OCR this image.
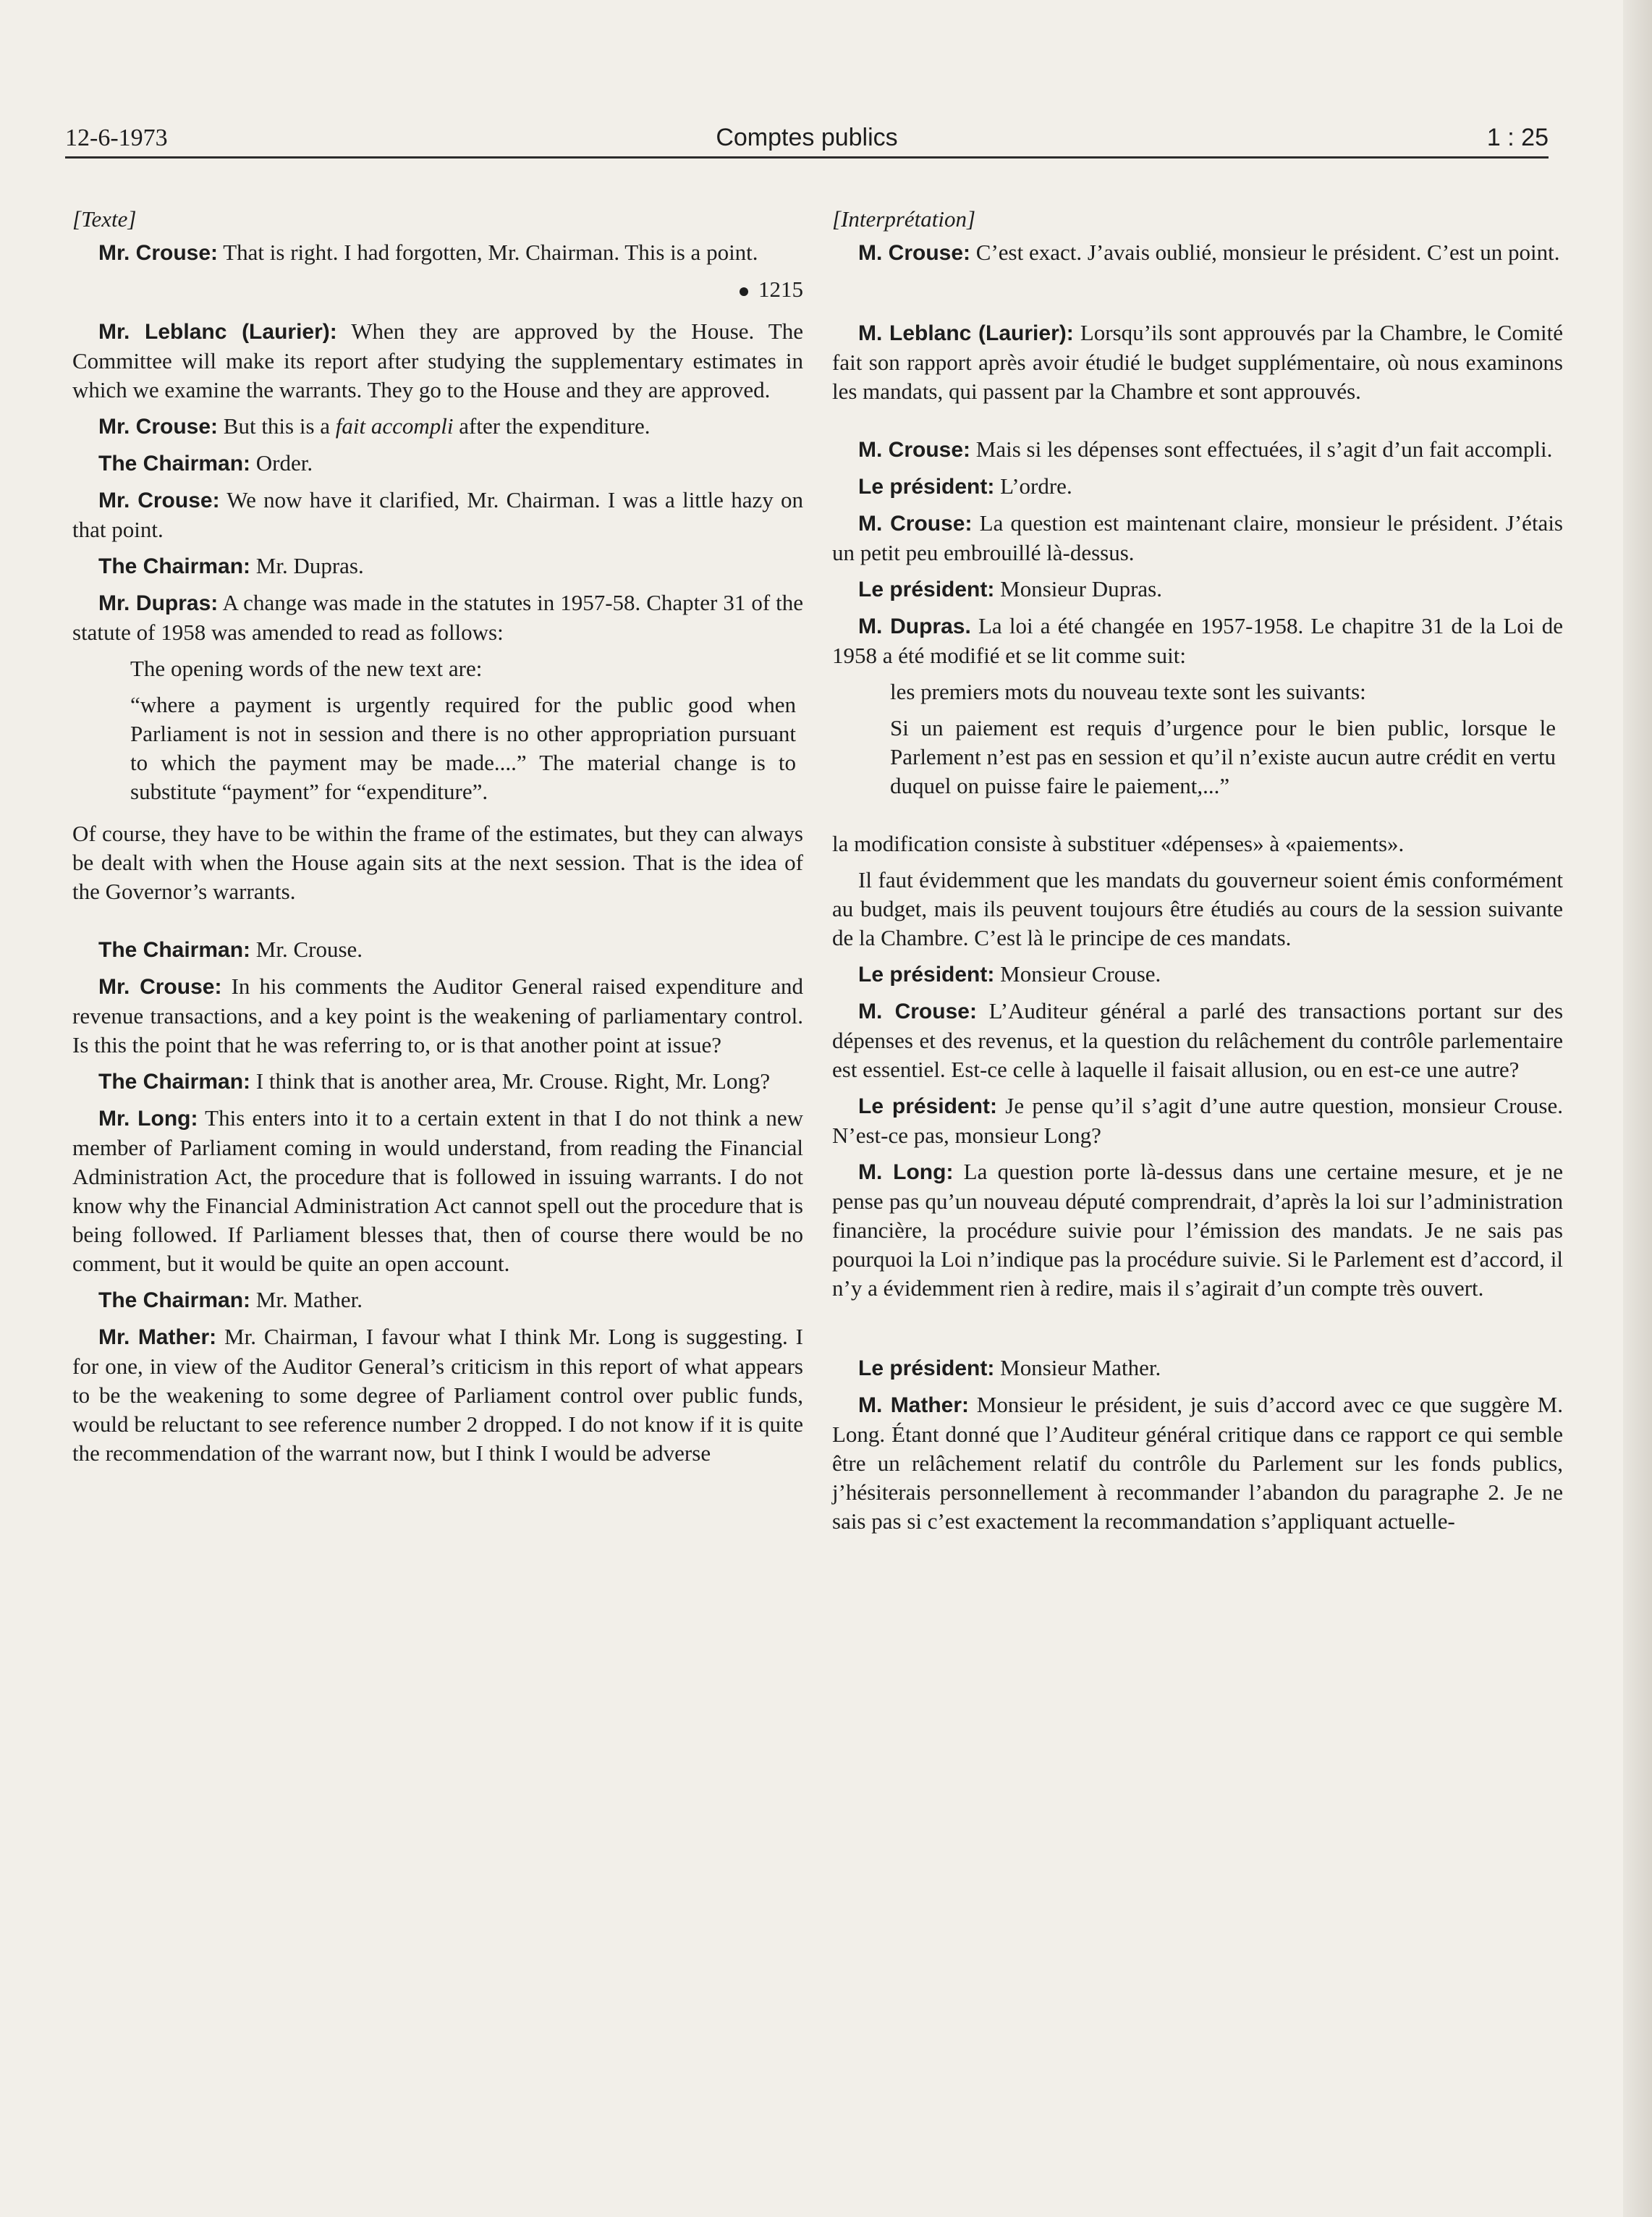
12-6-1973	Comptes publics	1 : 25

[Texte]

Mr. Crouse: That is right. I had forgotten, Mr. Chairman. This is a point.

1215

Mr. Leblanc (Laurier): When they are approved by the House. The Committee will make its report after studying the supplementary estimates in which we examine the warrants. They go to the House and they are approved.

Mr. Crouse: But this is a fait accompli after the expenditure.

The Chairman: Order.

Mr. Crouse: We now have it clarified, Mr. Chairman. I was a little hazy on that point.

The Chairman: Mr. Dupras.

Mr. Dupras: A change was made in the statutes in 1957-58. Chapter 31 of the statute of 1958 was amended to read as follows:

The opening words of the new text are:

“where a payment is urgently required for the public good when Parliament is not in session and there is no other appropriation pursuant to which the payment may be made....” The material change is to substitute “payment” for “expenditure”.

Of course, they have to be within the frame of the estimates, but they can always be dealt with when the House again sits at the next session. That is the idea of the Governor’s warrants.

The Chairman: Mr. Crouse.

Mr. Crouse: In his comments the Auditor General raised expenditure and revenue transactions, and a key point is the weakening of parliamentary control. Is this the point that he was referring to, or is that another point at issue?

The Chairman: I think that is another area, Mr. Crouse. Right, Mr. Long?

Mr. Long: This enters into it to a certain extent in that I do not think a new member of Parliament coming in would understand, from reading the Financial Administration Act, the procedure that is followed in issuing warrants. I do not know why the Financial Administration Act cannot spell out the procedure that is being followed. If Parliament blesses that, then of course there would be no comment, but it would be quite an open account.

The Chairman: Mr. Mather.

Mr. Mather: Mr. Chairman, I favour what I think Mr. Long is suggesting. I for one, in view of the Auditor General’s criticism in this report of what appears to be the weakening to some degree of Parliament control over public funds, would be reluctant to see reference number 2 dropped. I do not know if it is quite the recommendation of the warrant now, but I think I would be adverse

[Interprétation]

M. Crouse: C’est exact. J’avais oublié, monsieur le président. C’est un point.

M. Leblanc (Laurier): Lorsqu’ils sont approuvés par la Chambre, le Comité fait son rapport après avoir étudié le budget supplémentaire, où nous examinons les mandats, qui passent par la Chambre et sont approuvés.

M. Crouse: Mais si les dépenses sont effectuées, il s’agit d’un fait accompli.

Le président: L’ordre.

M. Crouse: La question est maintenant claire, monsieur le président. J’étais un petit peu embrouillé là-dessus.

Le président: Monsieur Dupras.

M. Dupras. La loi a été changée en 1957-1958. Le chapitre 31 de la Loi de 1958 a été modifié et se lit comme suit:

les premiers mots du nouveau texte sont les suivants:

Si un paiement est requis d’urgence pour le bien public, lorsque le Parlement n’est pas en session et qu’il n’existe aucun autre crédit en vertu duquel on puisse faire le paiement,...”

la modification consiste à substituer «dépenses» à «paiements».

Il faut évidemment que les mandats du gouverneur soient émis conformément au budget, mais ils peuvent toujours être étudiés au cours de la session suivante de la Chambre. C’est là le principe de ces mandats.

Le président: Monsieur Crouse.

M. Crouse: L’Auditeur général a parlé des transactions portant sur des dépenses et des revenus, et la question du relâchement du contrôle parlementaire est essentiel. Est-ce celle à laquelle il faisait allusion, ou en est-ce une autre?

Le président: Je pense qu’il s’agit d’une autre question, monsieur Crouse. N’est-ce pas, monsieur Long?

M. Long: La question porte là-dessus dans une certaine mesure, et je ne pense pas qu’un nouveau député comprendrait, d’après la loi sur l’administration financière, la procédure suivie pour l’émission des mandats. Je ne sais pas pourquoi la Loi n’indique pas la procédure suivie. Si le Parlement est d’accord, il n’y a évidemment rien à redire, mais il s’agirait d’un compte très ouvert.

Le président: Monsieur Mather.

M. Mather: Monsieur le président, je suis d’accord avec ce que suggère M. Long. Étant donné que l’Auditeur général critique dans ce rapport ce qui semble être un relâchement relatif du contrôle du Parlement sur les fonds publics, j’hésiterais personnellement à recommander l’abandon du paragraphe 2. Je ne sais pas si c’est exactement la recommandation s’appliquant actuelle-
